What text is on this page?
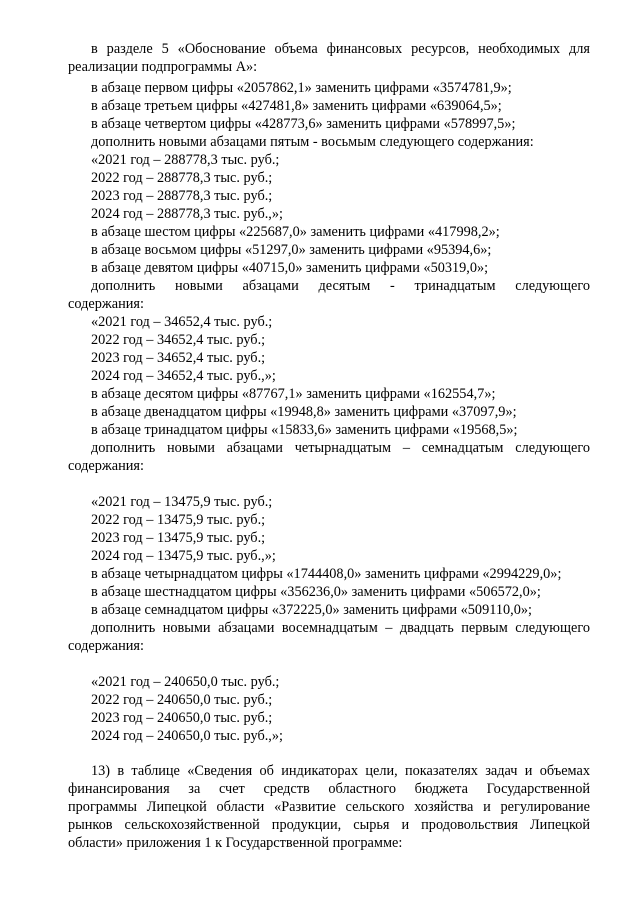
в разделе 5 «Обоснование объема финансовых ресурсов, необходимых для
реализации подпрограммы А»:
в абзаце первом цифры «2057862,1» заменить цифрами «3574781,9»;
в абзаце третьем цифры «427481,8» заменить цифрами «639064,5»;
в абзаце четвертом цифры «428773,6» заменить цифрами «578997,5»;
дополнить новыми абзацами пятым - восьмым следующего содержания:
«2021 год – 288778,3 тыс. руб.;
2022 год – 288778,3 тыс. руб.;
2023 год – 288778,3 тыс. руб.;
2024 год – 288778,3 тыс. руб.,»;
в абзаце шестом цифры «225687,0» заменить цифрами «417998,2»;
в абзаце восьмом цифры «51297,0» заменить цифрами «95394,6»;
в абзаце девятом цифры «40715,0» заменить цифрами «50319,0»;
дополнить новыми абзацами десятым - тринадцатым следующего
содержания:
«2021 год – 34652,4 тыс. руб.;
2022 год – 34652,4 тыс. руб.;
2023 год – 34652,4 тыс. руб.;
2024 год – 34652,4 тыс. руб.,»;
в абзаце десятом цифры «87767,1» заменить цифрами «162554,7»;
в абзаце двенадцатом цифры «19948,8» заменить цифрами «37097,9»;
в абзаце тринадцатом цифры «15833,6» заменить цифрами «19568,5»;
дополнить новыми абзацами четырнадцатым – семнадцатым следующего
содержания:
«2021 год – 13475,9 тыс. руб.;
2022 год – 13475,9 тыс. руб.;
2023 год – 13475,9 тыс. руб.;
2024 год – 13475,9 тыс. руб.,»;
в абзаце четырнадцатом цифры «1744408,0» заменить цифрами «2994229,0»;
в абзаце шестнадцатом цифры «356236,0» заменить цифрами «506572,0»;
в абзаце семнадцатом цифры «372225,0» заменить цифрами «509110,0»;
дополнить новыми абзацами восемнадцатым – двадцать первым следующего
содержания:
«2021 год – 240650,0 тыс. руб.;
2022 год – 240650,0 тыс. руб.;
2023 год – 240650,0 тыс. руб.;
2024 год – 240650,0 тыс. руб.,»;
13) в таблице «Сведения об индикаторах цели, показателях задач и объемах
финансирования за счет средств областного бюджета Государственной
программы Липецкой области «Развитие сельского хозяйства и регулирование
рынков сельскохозяйственной продукции, сырья и продовольствия Липецкой
области» приложения 1 к Государственной программе:
